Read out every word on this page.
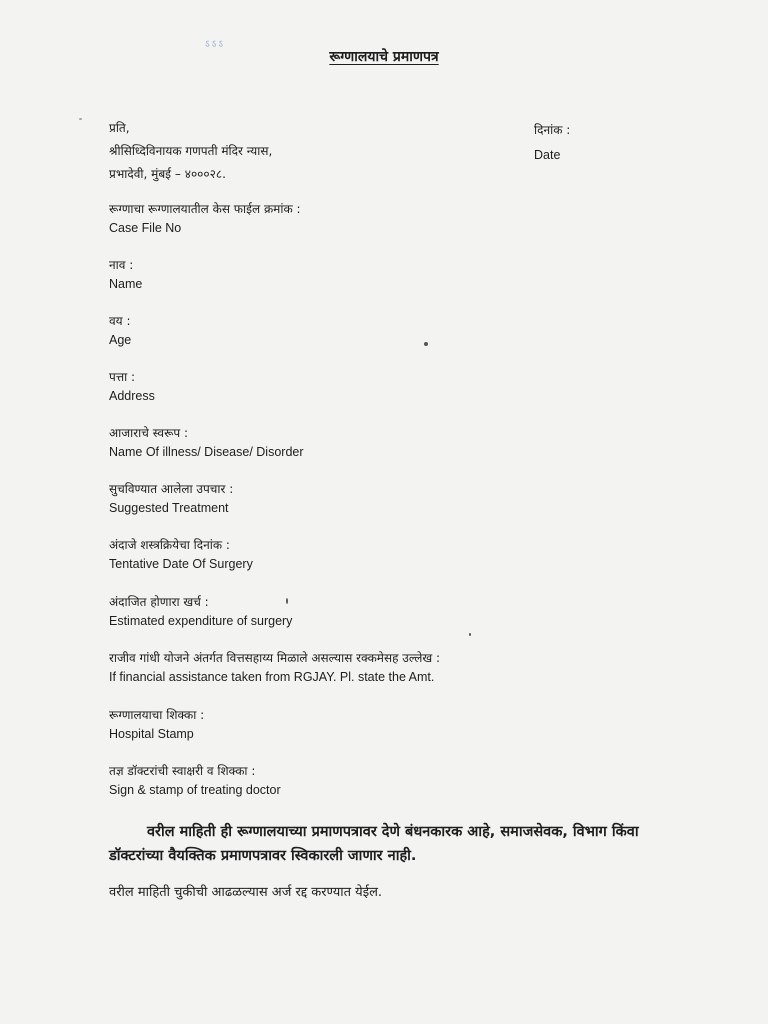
ऽऽऽ
रूग्णालयाचे प्रमाणपत्र
प्रति,
श्रीसिध्दिविनायक गणपती मंदिर न्यास,
प्रभादेवी, मुंबई – ४०००२८.
दिनांक :
Date
रूग्णाचा रूग्णालयातील केस फाईल क्रमांक :
Case File No
नाव :
Name
वय :
Age
पत्ता :
Address
आजाराचे स्वरूप :
Name Of illness/ Disease/ Disorder
सुचविण्यात आलेला उपचार :
Suggested Treatment
अंदाजे शस्त्रक्रियेचा दिनांक :
Tentative Date Of Surgery
अंदाजित होणारा खर्च :
Estimated expenditure of surgery
राजीव गांधी योजने अंतर्गत वित्तसहाय्य मिळाले असल्यास रक्कमेसह उल्लेख :
If financial assistance taken from RGJAY. Pl. state the Amt.
रूग्णालयाचा शिक्का :
Hospital Stamp
तज्ञ डॉक्टरांची स्वाक्षरी व शिक्का :
Sign & stamp of treating doctor
वरील माहिती ही रूग्णालयाच्या प्रमाणपत्रावर देणे बंधनकारक आहे, समाजसेवक, विभाग किंवा डॉक्टरांच्या वैयक्तिक प्रमाणपत्रावर स्विकारली जाणार नाही.
वरील माहिती चुकीची आढळल्यास अर्ज रद्द करण्यात येईल.
